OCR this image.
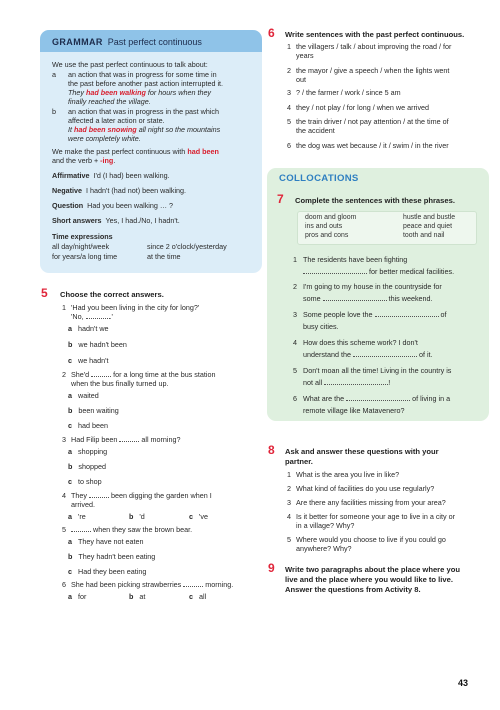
GRAMMAR Past perfect continuous
We use the past perfect continuous to talk about:
a an action that was in progress for some time in
the past before another past action interrupted it.
They had been walking for hours when they
finally reached the village.
b an action that was in progress in the past which
affected a later action or state.
It had been snowing all night so the mountains
were completely white.
We make the past perfect continuous with had been
and the verb + -ing.
Affirmative I'd (I had) been walking.
Negative I hadn't (had not) been walking.
Question Had you been walking … ?
Short answers Yes, I had./No, I hadn't.
Time expressions
all day/night/week	since 2 o'clock/yesterday
for years/a long time	at the time
5 Choose the correct answers.
1 'Had you been living in the city for long?'
'No,	.'
a hadn't we
b we hadn't been
c we hadn't
2 She'd	for a long time at the bus station
when the bus finally turned up.
a waited
b been waiting
c had been
3 Had Filip been	all morning?
a shopping
b shopped
c to shop
4 They	been digging the garden when I
arrived.
a 're	b 'd	c 've
5	when they saw the brown bear.
a They have not eaten
b They hadn't been eating
c Had they been eating
6 She had been picking strawberries	morning.
a for	b at	c all
6 Write sentences with the past perfect continuous.
1 the villagers / talk / about improving the road / for
years
2 the mayor / give a speech / when the lights went
out
3 ? / the farmer / work / since 5 am
4 they / not play / for long / when we arrived
5 the train driver / not pay attention / at the time of
the accident
6 the dog was wet because / it / swim / in the river
COLLOCATIONS
7 Complete the sentences with these phrases.
doom and gloom	hustle and bustle
ins and outs	peace and quiet
pros and cons	tooth and nail
1 The residents have been fighting
for better medical facilities.
2 I'm going to my house in the countryside for
some	this weekend.
3 Some people love the	of
busy cities.
4 How does this scheme work? I don't
understand the	of it.
5 Don't moan all the time! Living in the country is
not all	!
6 What are the	of living in a
remote village like Matavenero?
8 Ask and answer these questions with your
partner.
1 What is the area you live in like?
2 What kind of facilities do you use regularly?
3 Are there any facilities missing from your area?
4 Is it better for someone your age to live in a city or
in a village? Why?
5 Where would you choose to live if you could go
anywhere? Why?
9 Write two paragraphs about the place where you
live and the place where you would like to live.
Answer the questions from Activity 8.
43
